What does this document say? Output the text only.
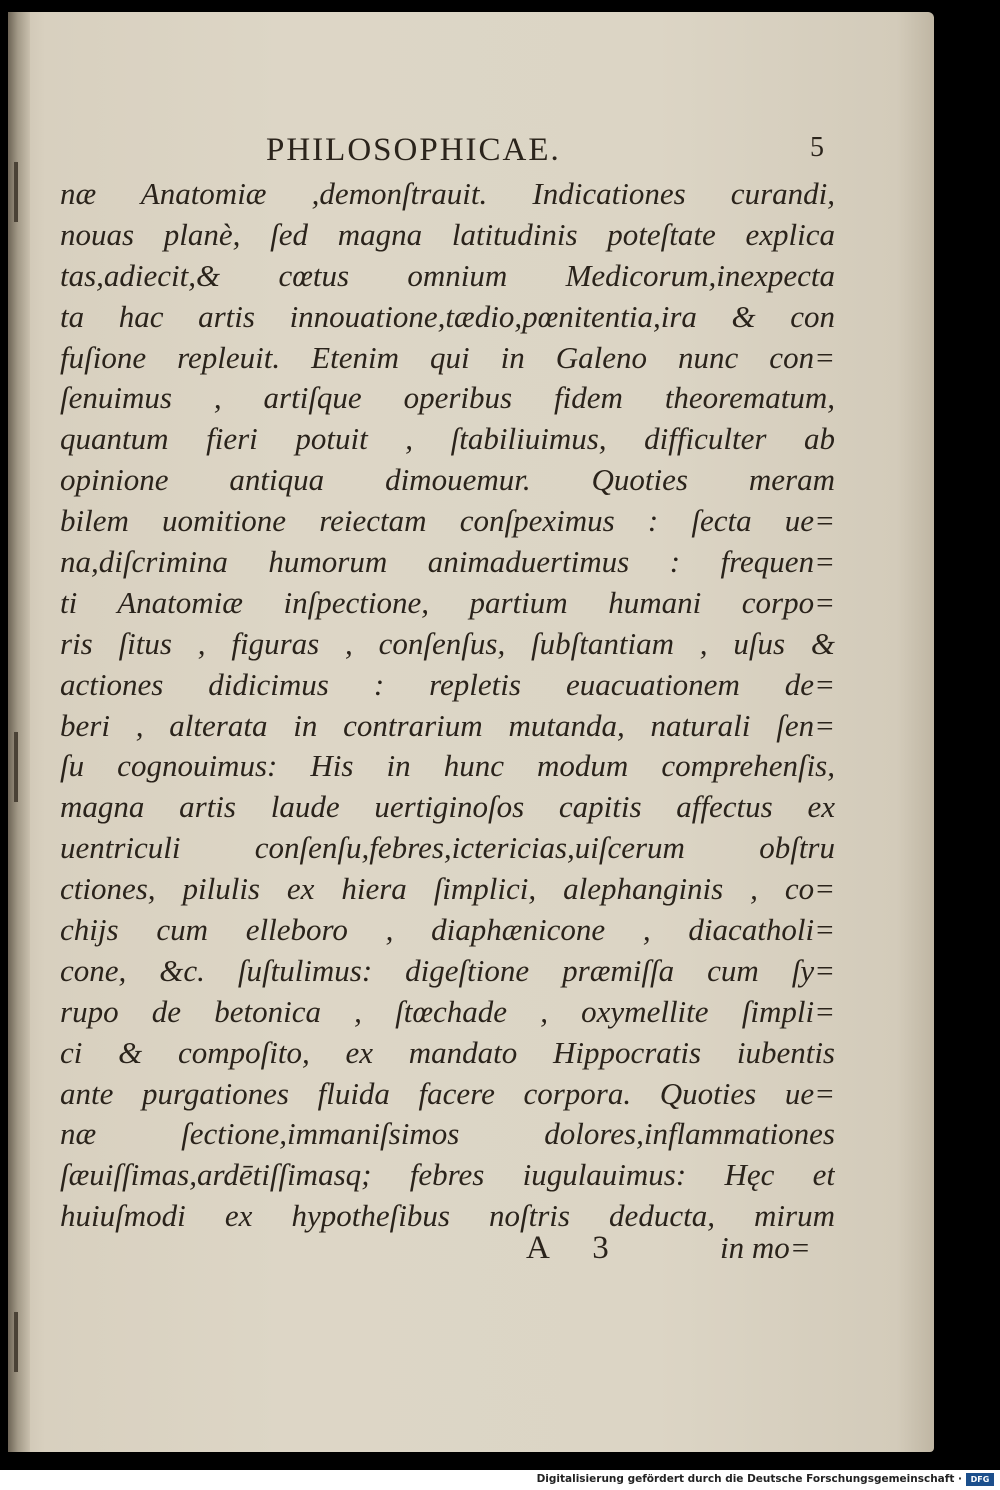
PHILOSOPHICAE.	5
næ Anatomiæ ,demonſtrauit. Indicationes curandi,
nouas planè, ſed magna latitudinis poteſtate explica
tas,adiecit,& cœtus omnium Medicorum,inexpecta
ta hac artis innouatione,tædio,pœnitentia,ira & con
fuſione repleuit. Etenim qui in Galeno nunc con=
ſenuimus , artiſque operibus fidem theorematum,
quantum fieri potuit , ſtabiliuimus, difficulter ab
opinione antiqua dimouemur. Quoties meram
bilem uomitione reiectam conſpeximus : ſecta ue=
na,diſcrimina humorum animaduertimus : frequen=
ti Anatomiæ inſpectione, partium humani corpo=
ris ſitus , figuras , conſenſus, ſubſtantiam , uſus &
actiones didicimus : repletis euacuationem de=
beri , alterata in contrarium mutanda, naturali ſen=
ſu cognouimus: His in hunc modum comprehenſis,
magna artis laude uertiginoſos capitis affectus ex
uentriculi conſenſu,febres,ictericias,uiſcerum obſtru
ctiones, pilulis ex hiera ſimplici, alephanginis , co=
chijs cum elleboro , diaphænicone , diacatholi=
cone, &c. ſuſtulimus: digeſtione præmiſſa cum ſy=
rupo de betonica , ſtœchade , oxymellite ſimpli=
ci & compoſito, ex mandato Hippocratis iubentis
ante purgationes fluida facere corpora. Quoties ue=
næ ſectione,immaniſsimos dolores,inflammationes
ſæuiſſimas,ardētiſſimasq; febres iugulauimus: Hęc et
huiuſmodi ex hypotheſibus noſtris deducta, mirum
A 3	in mo=
Digitalisierung gefördert durch die Deutsche Forschungsgemeinschaft ·	DFG
